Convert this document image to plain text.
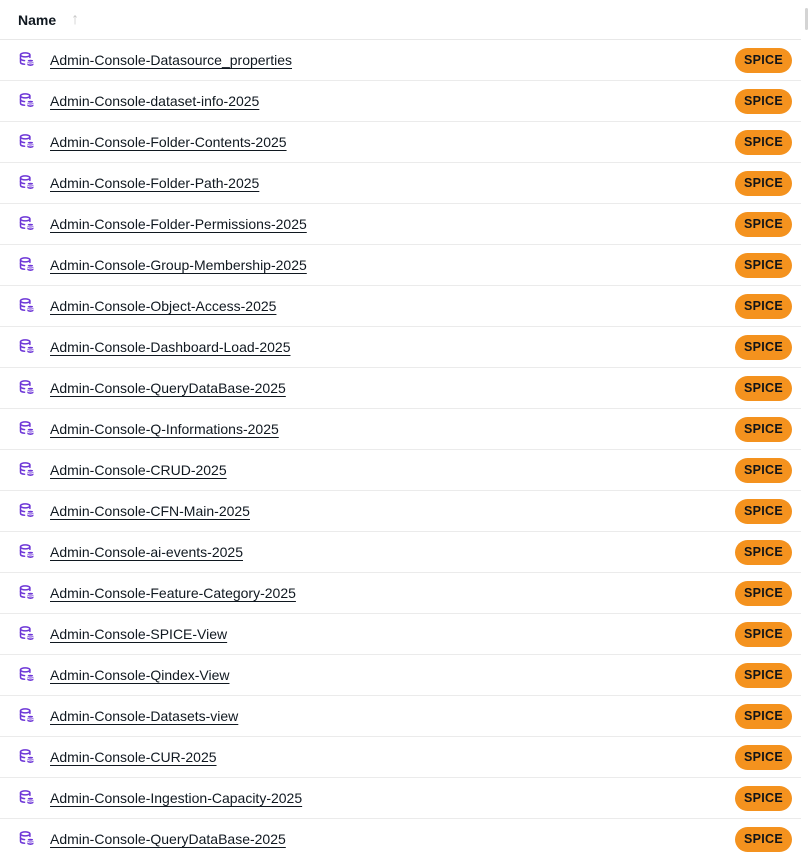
Name ↑
Admin-Console-Datasource_properties	SPICE
Admin-Console-dataset-info-2025	SPICE
Admin-Console-Folder-Contents-2025	SPICE
Admin-Console-Folder-Path-2025	SPICE
Admin-Console-Folder-Permissions-2025	SPICE
Admin-Console-Group-Membership-2025	SPICE
Admin-Console-Object-Access-2025	SPICE
Admin-Console-Dashboard-Load-2025	SPICE
Admin-Console-QueryDataBase-2025	SPICE
Admin-Console-Q-Informations-2025	SPICE
Admin-Console-CRUD-2025	SPICE
Admin-Console-CFN-Main-2025	SPICE
Admin-Console-ai-events-2025	SPICE
Admin-Console-Feature-Category-2025	SPICE
Admin-Console-SPICE-View	SPICE
Admin-Console-Qindex-View	SPICE
Admin-Console-Datasets-view	SPICE
Admin-Console-CUR-2025	SPICE
Admin-Console-Ingestion-Capacity-2025	SPICE
Admin-Console-QueryDataBase-2025	SPICE
